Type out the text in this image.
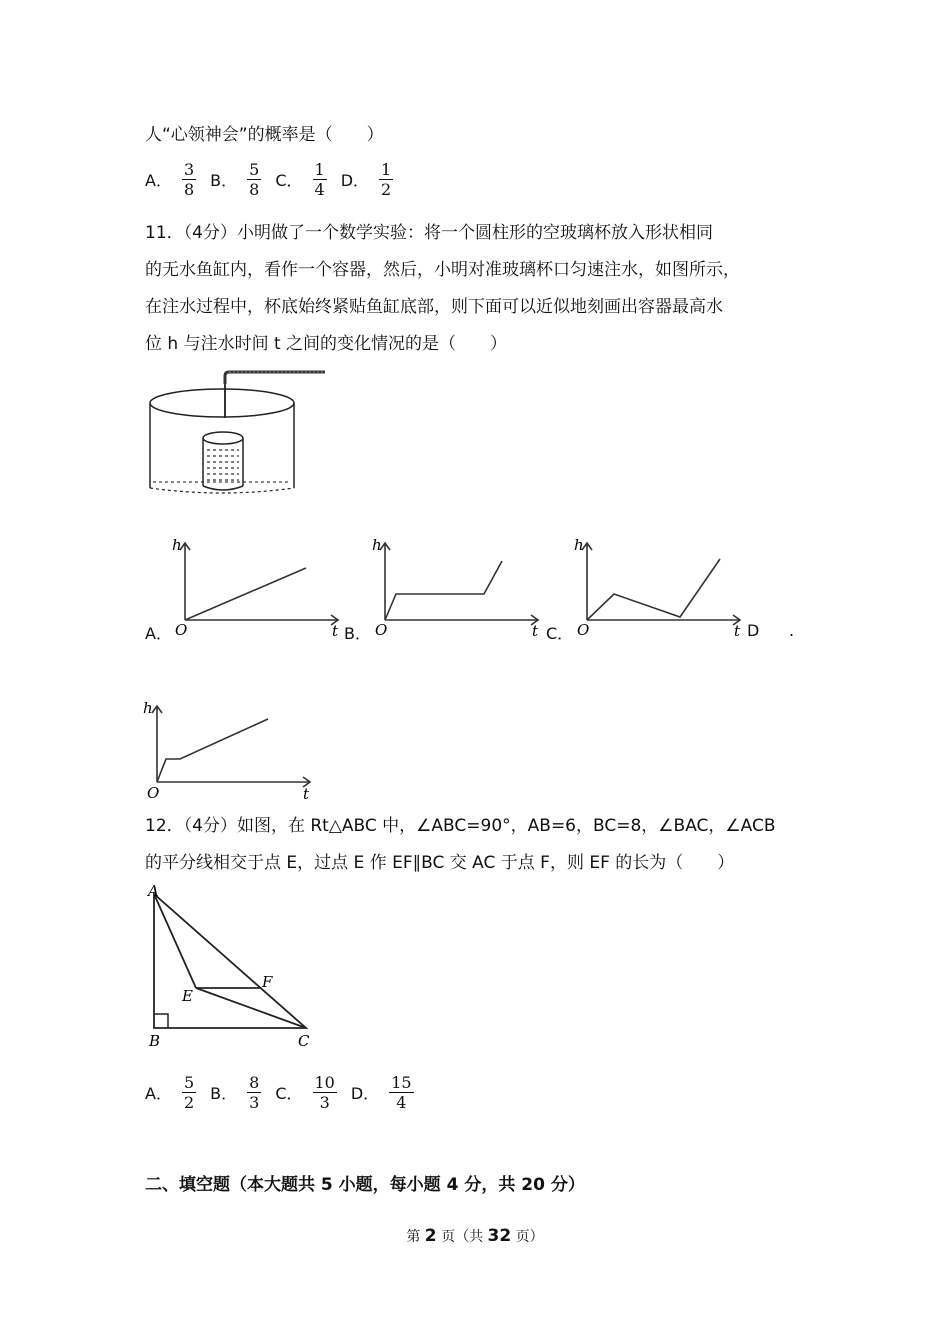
人“心领神会”的概率是（　　）
A． $\frac{3}{8}$ B． $\frac{5}{8}$ C． $\frac{1}{4}$ D． $\frac{1}{2}$
11．（4分）小明做了一个数学实验：将一个圆柱形的空玻璃杯放入形状相同
的无水鱼缸内，看作一个容器，然后，小明对准玻璃杯口匀速注水，如图所示，
在注水过程中，杯底始终紧贴鱼缸底部，则下面可以近似地刻画出容器最高水
位 h 与注水时间 t 之间的变化情况的是（　　）
h
O	t
A．
h
O	t
B．
h
O	t
C．	D .
h
O	t
12．（4分）如图，在 Rt△ABC 中，∠ABC=90°，AB=6，BC=8，∠BAC，∠ACB
的平分线相交于点 E，过点 E 作 EF∥BC 交 AC 于点 F，则 EF 的长为（　　）
A
B	C
E
F
A． $\frac{5}{2}$ B． $\frac{8}{3}$ C． $\frac{10}{3}$ D． $\frac{15}{4}$
二、填空题（本大题共 5 小题，每小题 4 分，共 20 分）
第 2 页（共 32 页）
